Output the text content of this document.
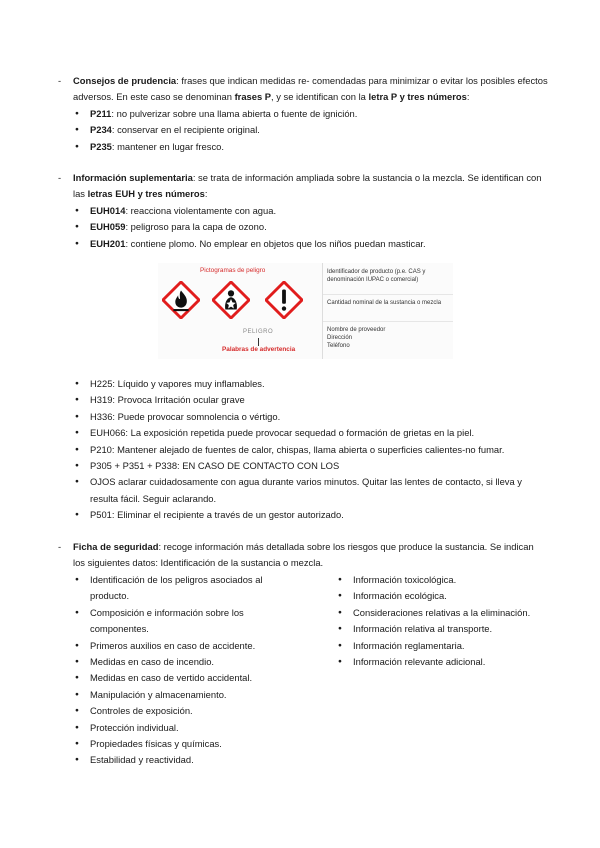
-	Consejos de prudencia: frases que indican medidas re- comendadas para minimizar o evitar los posibles efectos adversos. En este caso se denominan frases P, y se identifican con la letra P y tres números:
● P211: no pulverizar sobre una llama abierta o fuente de ignición.
● P234: conservar en el recipiente original.
● P235: mantener en lugar fresco.
-	Información suplementaria: se trata de información ampliada sobre la sustancia o la mezcla. Se identifican con las letras EUH y tres números:
● EUH014: reacciona violentamente con agua.
● EUH059: peligroso para la capa de ozono.
● EUH201: contiene plomo. No emplear en objetos que los niños puedan masticar.
Pictogramas de peligro
PELIGRO
Palabras de advertencia
Identificador de producto (p.e. CAS y denominación IUPAC o comercial)
Cantidad nominal de la sustancia o mezcla
Nombre de proveedor
Dirección
Teléfono
● H225: Líquido y vapores muy inflamables.
● H319: Provoca Irritación ocular grave
● H336: Puede provocar somnolencia o vértigo.
● EUH066: La exposición repetida puede provocar sequedad o formación de grietas en la piel.
● P210: Mantener alejado de fuentes de calor, chispas, llama abierta o superficies calientes-no fumar.
● P305 + P351 + P338: EN CASO DE CONTACTO CON LOS
● OJOS aclarar cuidadosamente con agua durante varios minutos. Quitar las lentes de contacto, si lleva y resulta fácil. Seguir aclarando.
● P501: Eliminar el recipiente a través de un gestor autorizado.
-	Ficha de seguridad: recoge información más detallada sobre los riesgos que produce la sustancia. Se indican los siguientes datos: Identificación de la sustancia o mezcla.
● Identificación de los peligros asociados al producto.
● Composición e información sobre los componentes.
● Primeros auxilios en caso de accidente.
● Medidas en caso de incendio.
● Medidas en caso de vertido accidental.
● Manipulación y almacenamiento.
● Controles de exposición.
● Protección individual.
● Propiedades físicas y químicas.
● Estabilidad y reactividad.
● Información toxicológica.
● Información ecológica.
● Consideraciones relativas a la eliminación.
● Información relativa al transporte.
● Información reglamentaria.
● Información relevante adicional.
